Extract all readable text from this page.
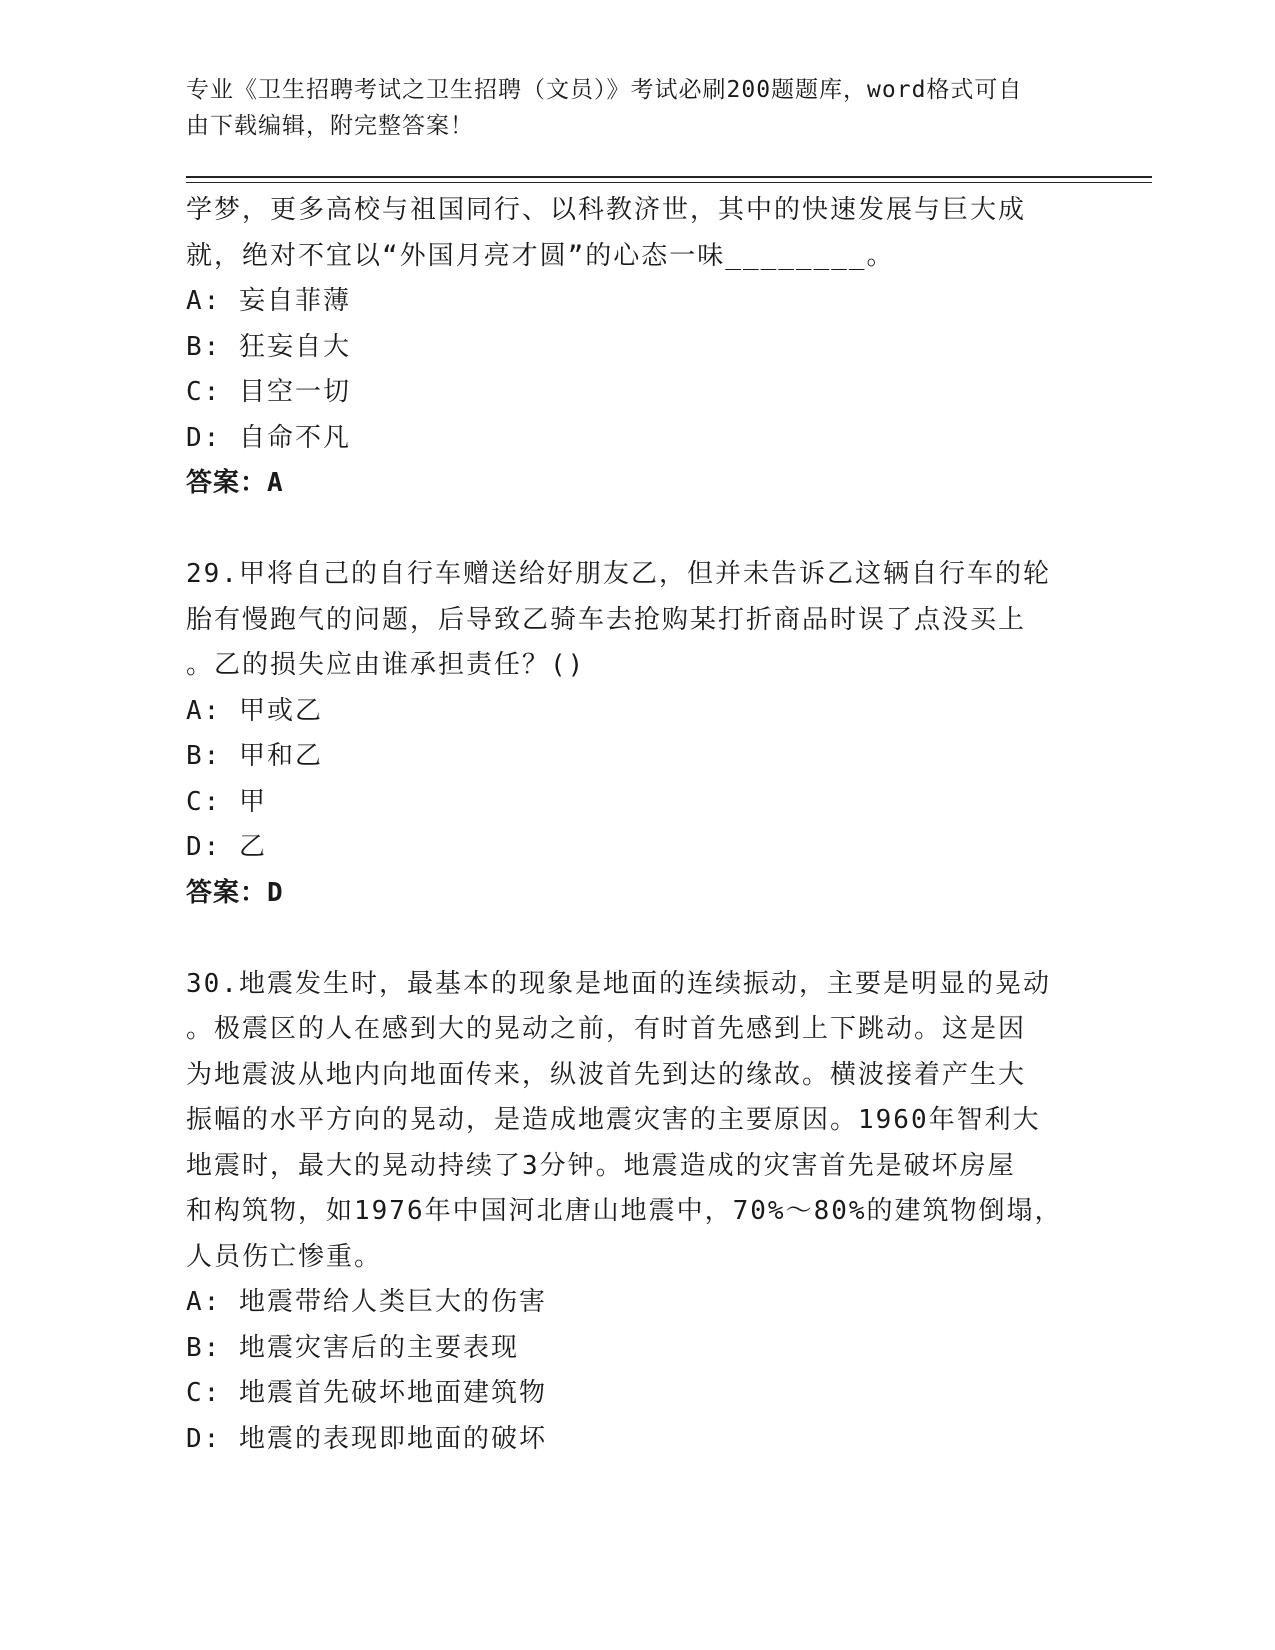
专业《卫生招聘考试之卫生招聘（文员）》考试必刷200题题库，word格式可自
由下载编辑，附完整答案！
学梦，更多高校与祖国同行、以科教济世，其中的快速发展与巨大成
就，绝对不宜以“外国月亮才圆”的心态一味________。
A: 妄自菲薄
B: 狂妄自大
C: 目空一切
D: 自命不凡
答案：A
29.甲将自己的自行车赠送给好朋友乙，但并未告诉乙这辆自行车的轮
胎有慢跑气的问题，后导致乙骑车去抢购某打折商品时误了点没买上
。乙的损失应由谁承担责任？()
A: 甲或乙
B: 甲和乙
C: 甲
D: 乙
答案：D
30.地震发生时，最基本的现象是地面的连续振动，主要是明显的晃动
。极震区的人在感到大的晃动之前，有时首先感到上下跳动。这是因
为地震波从地内向地面传来，纵波首先到达的缘故。横波接着产生大
振幅的水平方向的晃动，是造成地震灾害的主要原因。1960年智利大
地震时，最大的晃动持续了3分钟。地震造成的灾害首先是破坏房屋
和构筑物，如1976年中国河北唐山地震中，70%～80%的建筑物倒塌，
人员伤亡惨重。
A: 地震带给人类巨大的伤害
B: 地震灾害后的主要表现
C: 地震首先破坏地面建筑物
D: 地震的表现即地面的破坏
